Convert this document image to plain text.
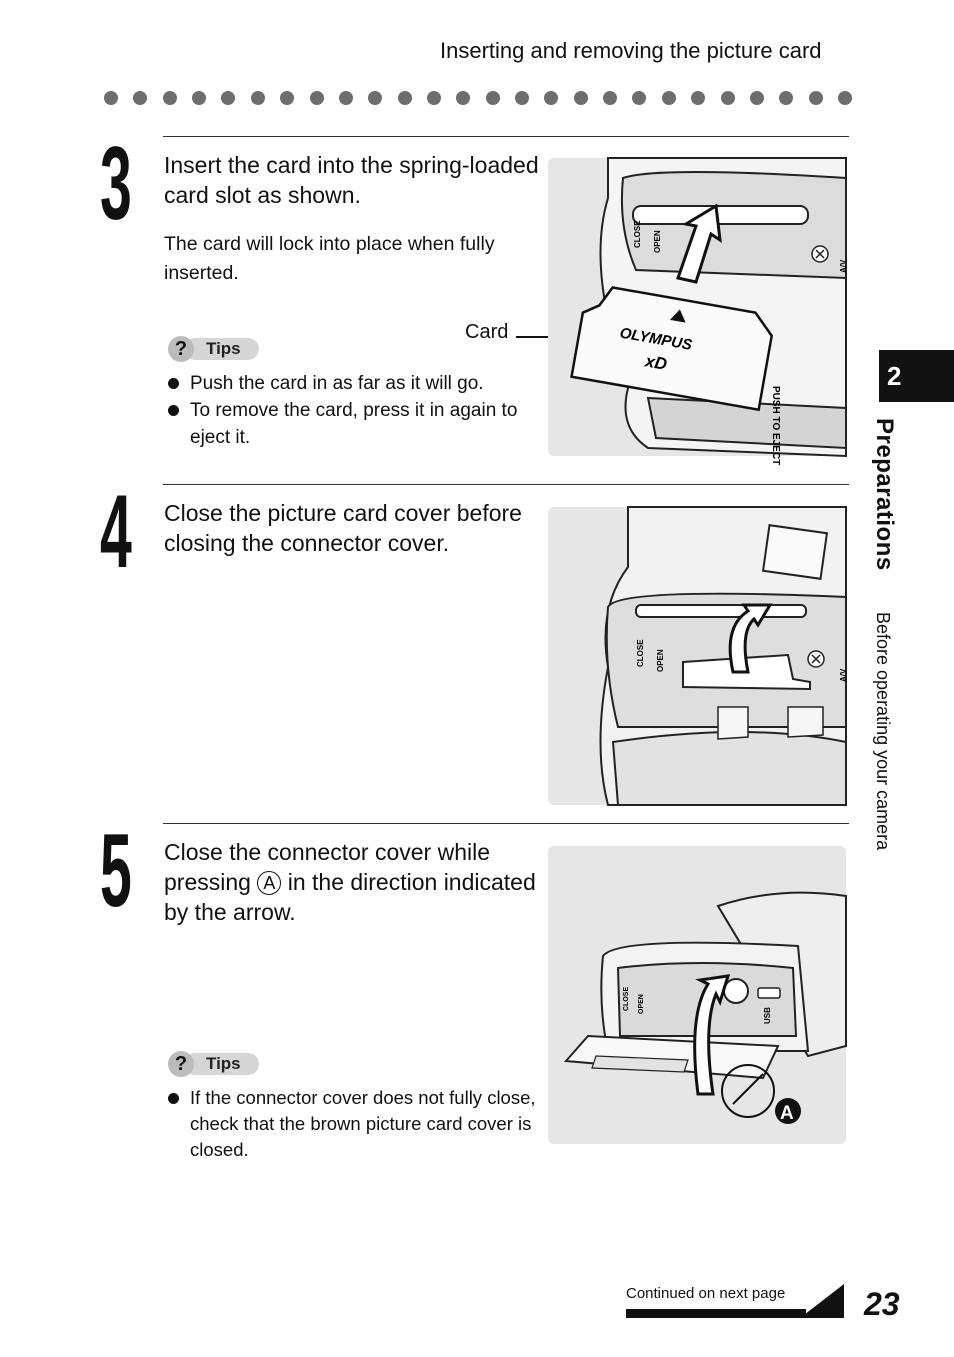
Inserting and removing the picture card
3 Insert the card into the spring-loaded card slot as shown.
The card will lock into place when fully inserted.
?	Tips
Push the card in as far as it will go.
To remove the card, press it in again to eject it.
Card
CLOSE OPEN
A/V
PUSH TO EJECT
OLYMPUS
xD
4 Close the picture card cover before closing the connector cover.
CLOSE OPEN
A/V
5 Close the connector cover while pressing A in the direction indicated by the arrow.
?	Tips
If the connector cover does not fully close, check that the brown picture card cover is closed.
CLOSE OPEN
USB
A
2
Preparations
Before operating your camera
Continued on next page 23
